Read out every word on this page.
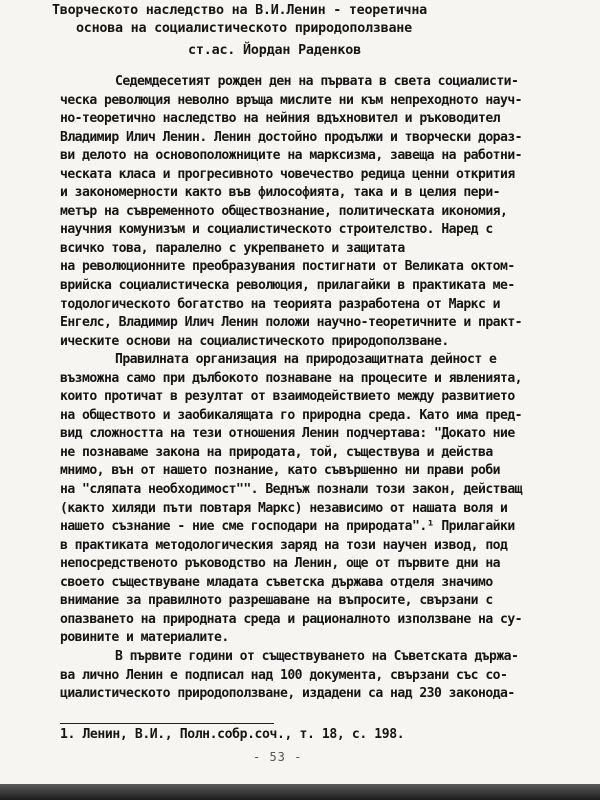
Творческото наследство на В.И.Ленин - теоретична
основа на социалистическото природоползване
ст.ас. Йордан Раденков
Седемдесетият рожден ден на първата в света социалисти-
ческа революция неволно връща мислите ни към непреходното науч-
но-теоретично наследство на нейния вдъхновител и ръководител
Владимир Илич Ленин. Ленин достойно продължи и творчески дораз-
ви делото на основоположниците на марксизма, завеща на работни-
ческата класа и прогресивното човечество редица ценни открития
и закономерности както във философията, така и в целия пери-
метър на съвременното обществознание, политическата икономия,
научния комунизъм и социалистическото строителство. Наред с
всичко това, паралелно с укрепването и защитата
на революционните преобразувания постигнати от Великата октом-
врийска социалистическа революция, прилагайки в практиката ме-
тодологическото богатство на теорията разработена от Маркс и
Енгелс, Владимир Илич Ленин положи научно-теоретичните и практ-
ическите основи на социалистическото природоползване.
Правилната организация на природозащитната дейност е
възможна само при дълбокото познаване на процесите и явленията,
които протичат в резултат от взаимодействието между развитието
на обществото и заобикалящата го природна среда. Като има пред-
вид сложността на тези отношения Ленин подчертава: "Докато ние
не познаваме закона на природата, той, съществува и действа
мнимо, вън от нашето познание, като съвършенно ни прави роби
на "сляпата необходимост"". Веднъж познали този закон, действащ
(както хиляди пъти повтаря Маркс) независимо от нашата воля и
нашето съзнание - ние сме господари на природата".¹ Прилагайки
в практиката методологическия заряд на този научен извод, под
непосредственото ръководство на Ленин, още от първите дни на
своето съществуване младата съветска държава отделя значимо
внимание за правилното разрешаване на въпросите, свързани с
опазването на природната среда и рационалното използване на су-
ровините и материалите.
В първите години от съществуването на Съветската държа-
ва лично Ленин е подписал над 100 документа, свързани със со-
циалистическото природоползване, издадени са над 230 законода-
1. Ленин, В.И., Полн.собр.соч., т. 18, с. 198.
- 53 -
